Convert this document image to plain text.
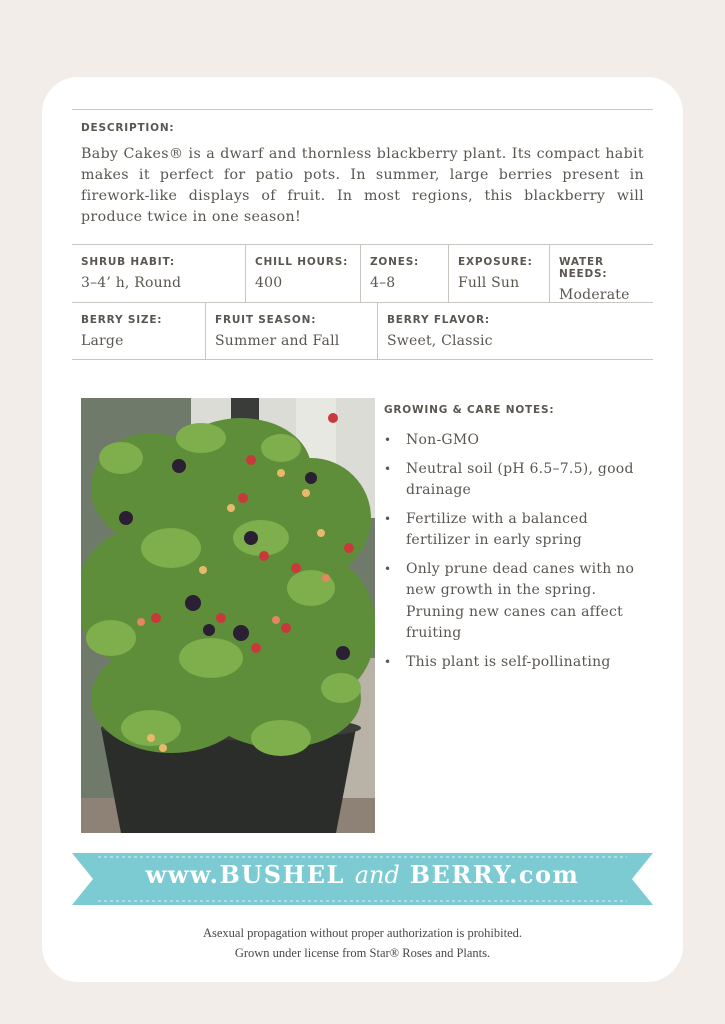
DESCRIPTION:
Baby Cakes® is a dwarf and thornless blackberry plant. Its compact habit makes it perfect for patio pots. In summer, large berries present in firework-like displays of fruit. In most regions, this blackberry will produce twice in one season!
SHRUB HABIT:
3–4’ h, Round
CHILL HOURS:
400
ZONES:
4–8
EXPOSURE:
Full Sun
WATER NEEDS:
Moderate
BERRY SIZE:
Large
FRUIT SEASON:
Summer and Fall
BERRY FLAVOR:
Sweet, Classic
GROWING & CARE NOTES:
• Non-GMO
• Neutral soil (pH 6.5–7.5), good drainage
• Fertilize with a balanced fertilizer in early spring
• Only prune dead canes with no new growth in the spring. Pruning new canes can affect fruiting
• This plant is self-pollinating
www.BUSHEL and BERRY.com
Asexual propagation without proper authorization is prohibited.
Grown under license from Star® Roses and Plants.
